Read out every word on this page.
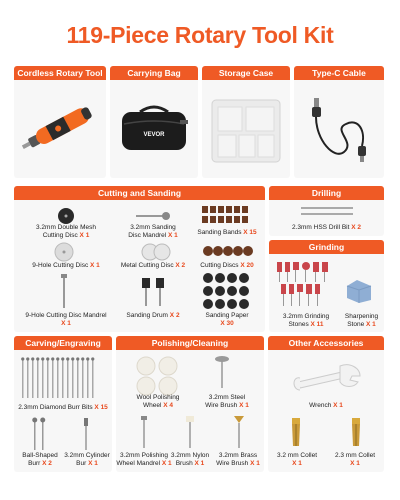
119-Piece Rotary Tool Kit
Cordless Rotary Tool	Carrying Bag
VEVOR
Storage Case	Type-C Cable
Cutting and Sanding
3.2mm Double Mesh
Cutting Disc X 1
3.2mm Sanding
Disc Mandrel X 1	Sanding Bands X 15
9-Hole Cutting Disc X 1	Metal Cutting Disc X 2	Cutting Discs X 20
9-Hole Cutting Disc Mandrel
X 1
Sanding Drum X 2	Sanding Paper
X 30
Drilling
2.3mm HSS Drill Bit X 2
Grinding
3.2mm Grinding
Stones X 11
Sharpening
Stone X 1
Carving/Engraving
2.3mm Diamond Burr Bits X 15
Ball-Shaped
Burr X 2
3.2mm Cylinder
Bur X 1
Polishing/Cleaning
Wool Polishing
Wheel X 4
3.2mm Steel
Wire Brush X 1
3.2mm Polishing
Wheel Mandrel X 1
3.2mm Nylon
Brush X 1
3.2mm Brass
Wire Brush X 1
Other Accessories
Wrench X 1
3.2 mm Collet
X 1
2.3 mm Collet
X 1
